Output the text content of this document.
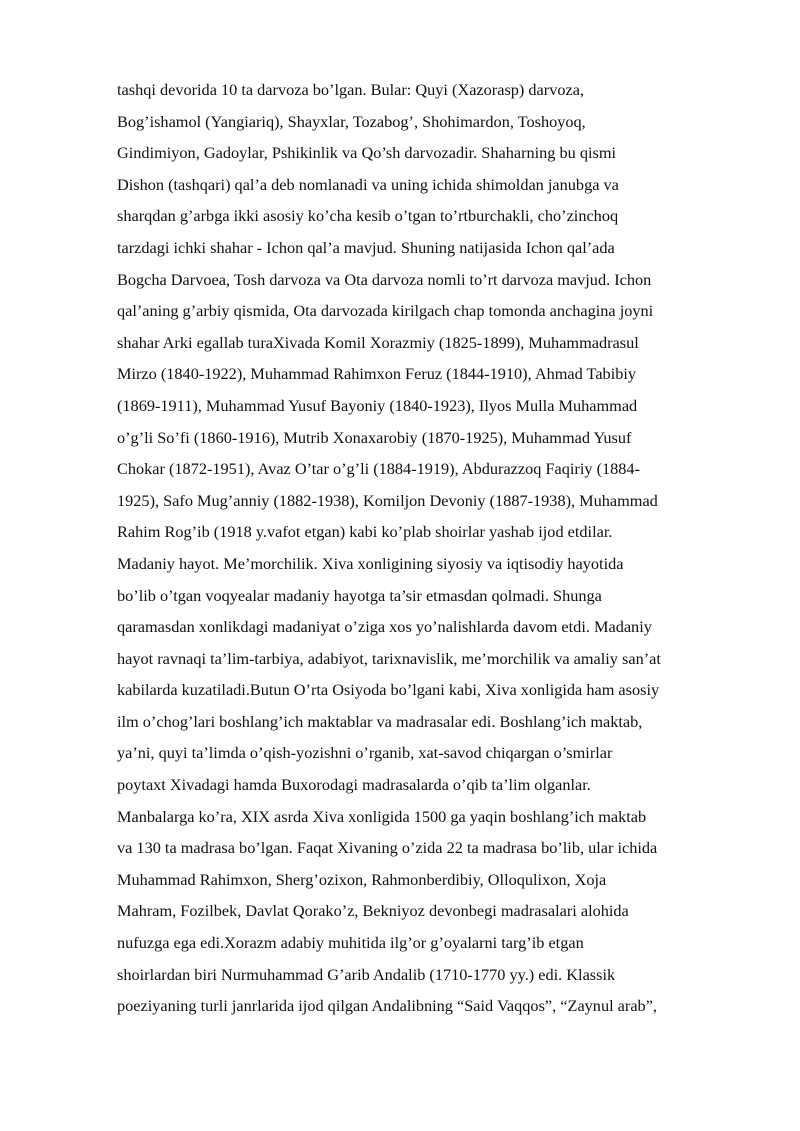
tashqi devorida 10 ta darvoza bo’lgan. Bular: Quyi (Xazorasp) darvoza,
Bog’ishamol (Yangiariq), Shayxlar, Tozabog’, Shohimardon, Toshoyoq,
Gindimiyon, Gadoylar, Pshikinlik va Qo’sh darvozadir. Shaharning bu qismi
Dishon (tashqari) qal’a deb nomlanadi va uning ichida shimoldan janubga va
sharqdan g’arbga ikki asosiy ko’cha kesib o’tgan to’rtburchakli, cho’zinchoq
tarzdagi ichki shahar - Ichon qal’a mavjud. Shuning natijasida Ichon qal’ada
Bogcha Darvoea, Tosh darvoza va Ota darvoza nomli to’rt darvoza mavjud. Ichon
qal’aning g’arbiy qismida, Ota darvozada kirilgach chap tomonda anchagina joyni
shahar Arki egallab turaXivada Komil Xorazmiy (1825-1899), Muhammadrasul
Mirzo (1840-1922), Muhammad Rahimxon Feruz (1844-1910), Ahmad Tabibiy
(1869-1911), Muhammad Yusuf Bayoniy (1840-1923), Ilyos Mulla Muhammad
o’g’li So’fi (1860-1916), Mutrib Xonaxarobiy (1870-1925), Muhammad Yusuf
Chokar (1872-1951), Avaz O’tar o’g’li (1884-1919), Abdurazzoq Faqiriy (1884-
1925), Safo Mug’anniy (1882-1938), Komiljon Devoniy (1887-1938), Muhammad
Rahim Rog’ib (1918 y.vafot etgan) kabi ko’plab shoirlar yashab ijod etdilar.
Madaniy hayot. Me’morchilik. Xiva xonligining siyosiy va iqtisodiy hayotida
bo’lib o’tgan voqyealar madaniy hayotga ta’sir etmasdan qolmadi. Shunga
qaramasdan xonlikdagi madaniyat o’ziga xos yo’nalishlarda davom etdi. Madaniy
hayot ravnaqi ta’lim-tarbiya, adabiyot, tarixnavislik, me’morchilik va amaliy san’at
kabilarda kuzatiladi.Butun O’rta Osiyoda bo’lgani kabi, Xiva xonligida ham asosiy
ilm o’chog’lari boshlang’ich maktablar va madrasalar edi. Boshlang’ich maktab,
ya’ni, quyi ta’limda o’qish-yozishni o’rganib, xat-savod chiqargan o’smirlar
poytaxt Xivadagi hamda Buxorodagi madrasalarda o’qib ta’lim olganlar.
Manbalarga ko’ra, XIX asrda Xiva xonligida 1500 ga yaqin boshlang’ich maktab
va 130 ta madrasa bo’lgan. Faqat Xivaning o’zida 22 ta madrasa bo’lib, ular ichida
Muhammad Rahimxon, Sherg’ozixon, Rahmonberdibiy, Olloqulixon, Xoja
Mahram, Fozilbek, Davlat Qorako’z, Bekniyoz devonbegi madrasalari alohida
nufuzga ega edi.Xorazm adabiy muhitida ilg’or g’oyalarni targ’ib etgan
shoirlardan biri Nurmuhammad G’arib Andalib (1710-1770 yy.) edi. Klassik
poeziyaning turli janrlarida ijod qilgan Andalibning “Said Vaqqos”, “Zaynul arab”,
